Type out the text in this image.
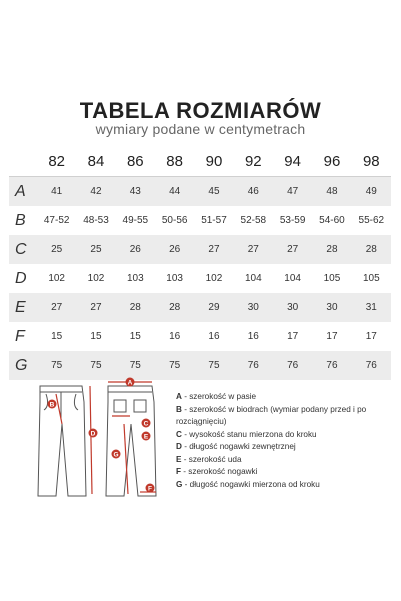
TABELA ROZMIARÓW
wymiary podane w centymetrach
	82	84	86	88	90	92	94	96	98
A	41	42	43	44	45	46	47	48	49
B	47-52	48-53	49-55	50-56	51-57	52-58	53-59	54-60	55-62
C	25	25	26	26	27	27	27	28	28
D	102	102	103	103	102	104	104	105	105
E	27	27	28	28	29	30	30	30	31
F	15	15	15	16	16	16	17	17	17
G	75	75	75	75	75	76	76	76	76
A
B
C
D	E
F
G
A - szerokość w pasie
B - szerokość w biodrach (wymiar podany przed i po rozciągnięciu)
C - wysokość stanu mierzona do kroku
D - długość nogawki zewnętrznej
E - szerokość uda
F - szerokość nogawki
G - długość nogawki mierzona od kroku
